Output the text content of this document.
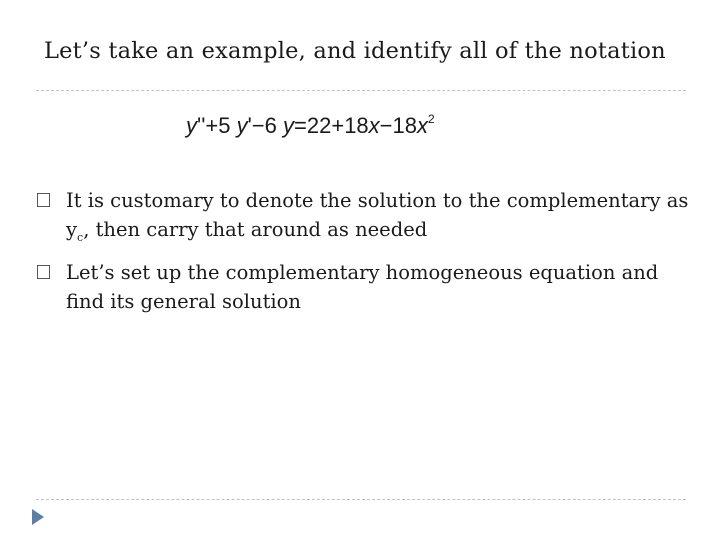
Let’s take an example, and identify all of the notation
y''+5 y'−6 $y=22+18x-18x^2$
It is customary to denote the solution to the complementary as $y_c$, then carry that around as needed
Let’s set up the complementary homogeneous equation and find its general solution
